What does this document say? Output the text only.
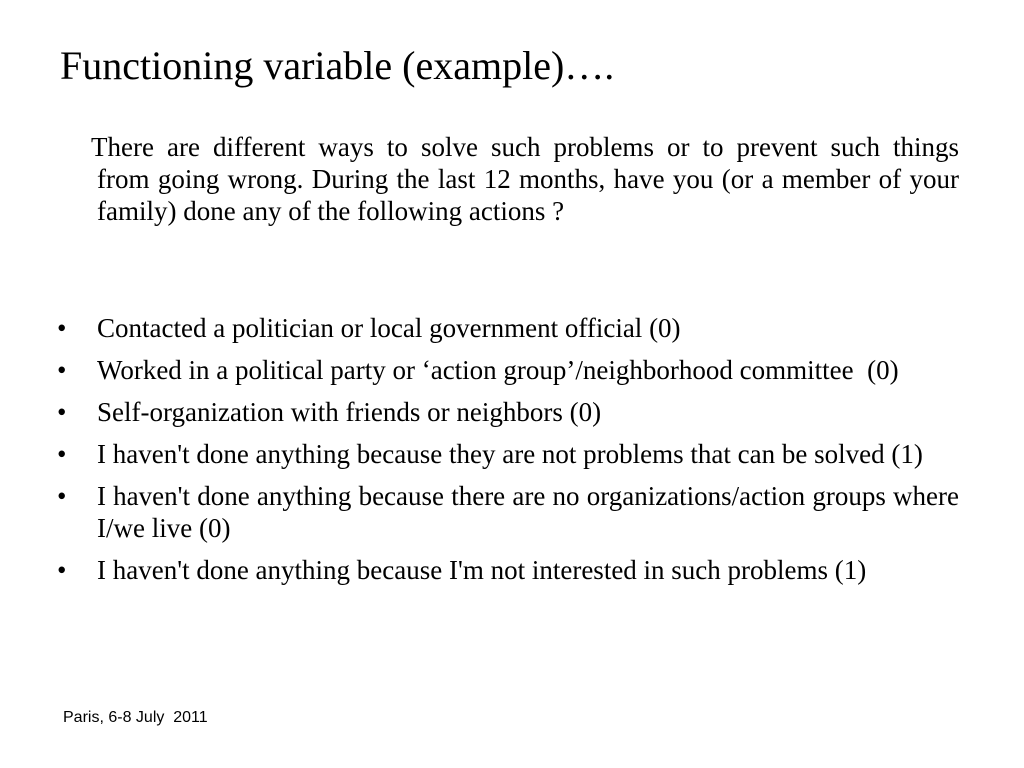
Functioning variable (example)….

There are different ways to solve such problems or to prevent such things     from going wrong. During the last 12 months, have you (or a member of your family) done any of the following actions ?

• Contacted a politician or local government official (0)
• Worked in a political party or ‘action group’/neighborhood committee  (0)
• Self-organization with friends or neighbors (0)
• I haven't done anything because they are not problems that can be solved (1)
• I haven't done anything because there are no organizations/action groups where I/we live (0)
• I haven't done anything because I'm not interested in such problems (1)

Paris, 6-8 July  2011
